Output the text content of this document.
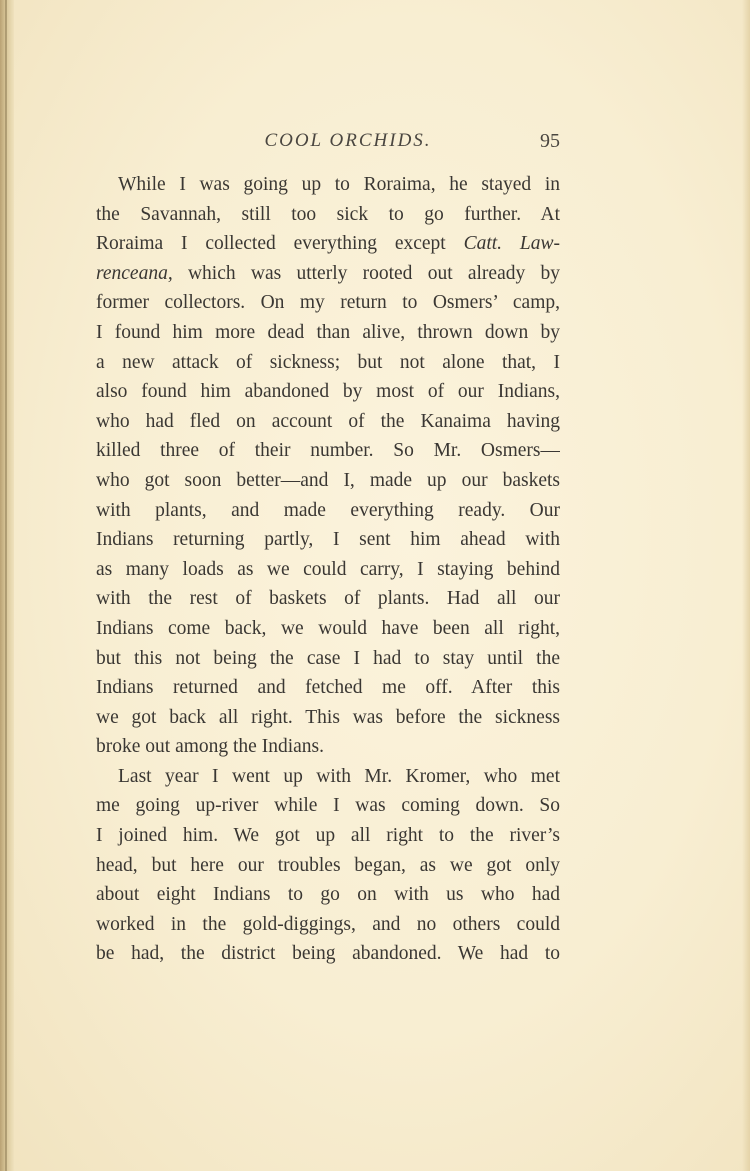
COOL ORCHIDS.	95
While I was going up to Roraima, he stayed in
the Savannah, still too sick to go further. At
Roraima I collected everything except Catt. Law-
renceana, which was utterly rooted out already by
former collectors. On my return to Osmers’ camp,
I found him more dead than alive, thrown down by
a new attack of sickness; but not alone that, I
also found him abandoned by most of our Indians,
who had fled on account of the Kanaima having
killed three of their number. So Mr. Osmers—
who got soon better—and I, made up our baskets
with plants, and made everything ready. Our
Indians returning partly, I sent him ahead with
as many loads as we could carry, I staying behind
with the rest of baskets of plants. Had all our
Indians come back, we would have been all right,
but this not being the case I had to stay until the
Indians returned and fetched me off. After this
we got back all right. This was before the sickness
broke out among the Indians.
Last year I went up with Mr. Kromer, who met
me going up-river while I was coming down. So
I joined him. We got up all right to the river’s
head, but here our troubles began, as we got only
about eight Indians to go on with us who had
worked in the gold-diggings, and no others could
be had, the district being abandoned. We had to
